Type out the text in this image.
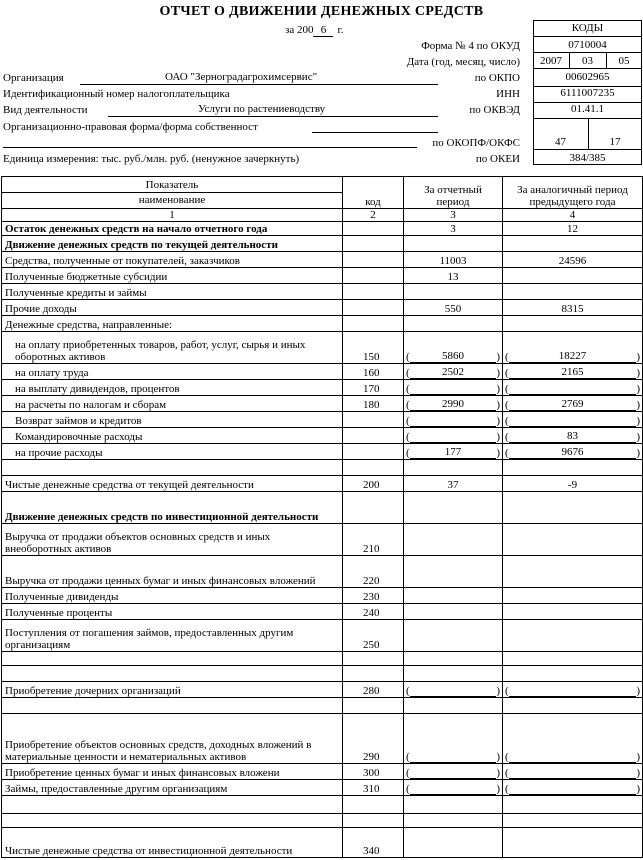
ОТЧЕТ О ДВИЖЕНИИ ДЕНЕЖНЫХ СРЕДСТВ
за 200 6 г.	КОДЫ
Форма № 4 по ОКУД	0710004
Дата (год, месяц, число)	2007	03	05
Организация	ОАО "Зерноградагрохимсервис"	по ОКПО	00602965
Идентификационный номер налогоплательщика	ИНН	6111007235
Вид деятельности	Услуги по растениеводству	по ОКВЭД	01.41.1
Организационно-правовая форма/форма собственност
по ОКОПФ/ОКФС	47	17
Единица измерения: тыс. руб./млн. руб. (ненужное зачеркнуть)	по ОКЕИ	384/385
Показатель
наименование	код	За отчетный период	За аналогичный период предыдущего года
1	2	3	4
Остаток денежных средств на начало отчетного года		3	12
Движение денежных средств по текущей деятельности			
Средства, полученные от покупателей, заказчиков		11003	24596
Полученные бюджетные субсидии		13	
Полученные кредиты и займы			
Прочие доходы		550	8315
Денежные средства, направленные:			
на оплату приобретенных товаров, работ, услуг, сырья и иных оборотных активов	150	( 5860 )	( 18227 )

на оплату труда	160	( 2502 )	( 2165 )

на выплату дивидендов, процентов	170	( )	( )

на расчеты по налогам и сборам	180	( 2990 )	( 2769 )

Возврат займов и кредитов		( )	( )

Командировочные расходы		( )	( 83 )

на прочие расходы		( 177 )	( 9676 )

Чистые денежные средства от текущей деятельности	200	37	-9
Движение денежных средств по инвестиционной деятельности			
Выручка от продажи объектов основных средств и иных внеоборотных активов	210		
Выручка от продажи ценных бумаг и иных финансовых вложений	220		
Полученные дивиденды	230		
Полученные проценты	240		
Поступления от погашения займов, предоставленных другим организациям	250		

Приобретение дочерних организаций	280	( )	( )

Приобретение объектов основных средств, доходных вложений в материальные ценности и нематериальных активов	290	( )	( )

Приобретение ценных бумаг и иных финансовых вложени	300	( )	( )

Займы, предоставленные другим организациям	310	( )	( )

Чистые денежные средства от инвестиционной деятельности	340		
